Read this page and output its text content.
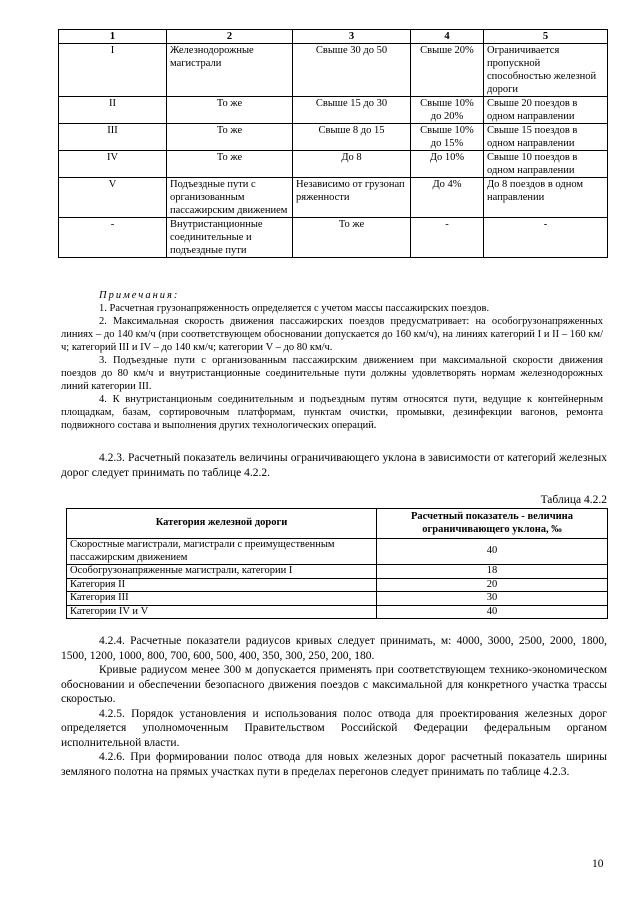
1	2	3	4	5
I	Железнодорожные магистрали	Свыше 30 до 50	Свыше 20%	Ограничивается пропускной способностью железной дороги
II	То же	Свыше 15 до 30	Свыше 10% до 20%	Свыше 20 поездов в одном направлении
III	То же	Свыше 8 до 15	Свыше 10% до 15%	Свыше 15 поездов в одном направлении
IV	То же	До 8	До 10%	Свыше 10 поездов в одном направлении
V	Подъездные пути с организованным пассажирским движением	Независимо от грузонапряженности	До 4%	До 8 поездов в одном направлении
-	Внутристанционные соединительные и подъездные пути	То же	-	-
Примечания:

1. Расчетная грузонапряженность определяется с учетом массы пассажирских поездов.

2. Максимальная скорость движения пассажирских поездов предусматривает: на особогрузонапряженных линиях – до 140 км/ч (при соответствующем обосновании допускается до 160 км/ч), на линиях категорий I и II – 160 км/ч; категорий III и IV – до 140 км/ч; категории V – до 80 км/ч.

3. Подъездные пути с организованным пассажирским движением при максимальной скорости движения поездов до 80 км/ч и внутристанционные соединительные пути должны удовлетворять нормам железнодорожных линий категории III.

4. К внутристанционым соединительным и подъездным путям относятся пути, ведущие к контейнерным площадкам, базам, сортировочным платформам, пунктам очистки, промывки, дезинфекции вагонов, ремонта подвижного состава и выполнения других технологических операций.

4.2.3. Расчетный показатель величины ограничивающего уклона в зависимости от категорий железных дорог следует принимать по таблице 4.2.2.

Таблица 4.2.2
Категория железной дороги	Расчетный показатель - величина ограничивающего уклона, ‰
Скоростные магистрали, магистрали с преимущественным пассажирским движением	40
Особогрузонапряженные магистрали, категории I	18
Категория II	20
Категория III	30
Категории IV и V	40

4.2.4. Расчетные показатели радиусов кривых следует принимать, м: 4000, 3000, 2500, 2000, 1800, 1500, 1200, 1000, 800, 700, 600, 500, 400, 350, 300, 250, 200, 180.

Кривые радиусом менее 300 м допускается применять при соответствующем технико-экономическом обосновании и обеспечении безопасного движения поездов с максимальной для конкретного участка трассы скоростью.

4.2.5. Порядок установления и использования полос отвода для проектирования железных дорог определяется уполномоченным Правительством Российской Федерации федеральным органом исполнительной власти.

4.2.6. При формировании полос отвода для новых железных дорог расчетный показатель ширины земляного полотна на прямых участках пути в пределах перегонов следует принимать по таблице 4.2.3.

10
